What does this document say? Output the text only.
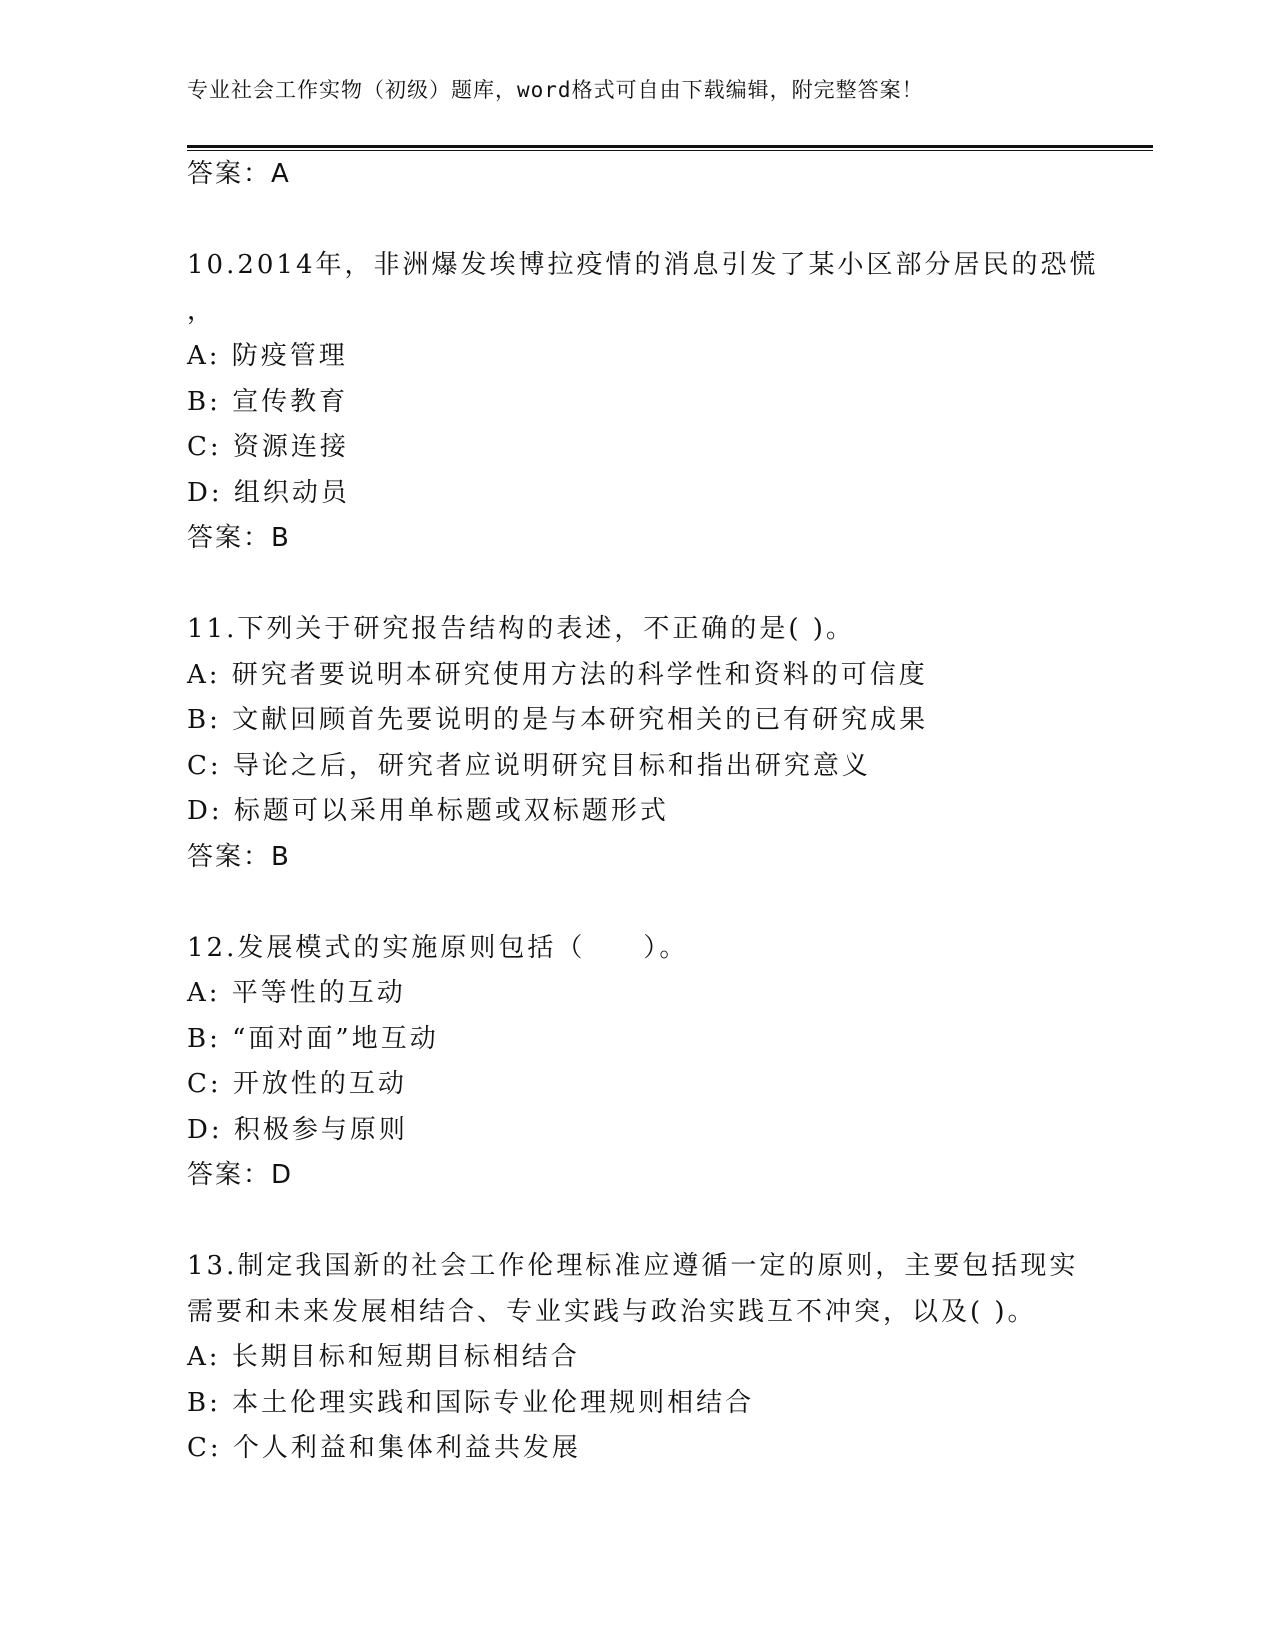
专业社会工作实物（初级）题库，word格式可自由下载编辑，附完整答案！
答案：A
10.2014年，非洲爆发埃博拉疫情的消息引发了某小区部分居民的恐慌
，
A: 防疫管理
B: 宣传教育
C: 资源连接
D: 组织动员
答案：B
11.下列关于研究报告结构的表述，不正确的是( )。
A: 研究者要说明本研究使用方法的科学性和资料的可信度
B: 文献回顾首先要说明的是与本研究相关的已有研究成果
C: 导论之后，研究者应说明研究目标和指出研究意义
D: 标题可以采用单标题或双标题形式
答案：B
12.发展模式的实施原则包括（　　）。
A: 平等性的互动
B: “面对面”地互动
C: 开放性的互动
D: 积极参与原则
答案：D
13.制定我国新的社会工作伦理标准应遵循一定的原则，主要包括现实
需要和未来发展相结合、专业实践与政治实践互不冲突，以及( )。
A: 长期目标和短期目标相结合
B: 本土伦理实践和国际专业伦理规则相结合
C: 个人利益和集体利益共发展
